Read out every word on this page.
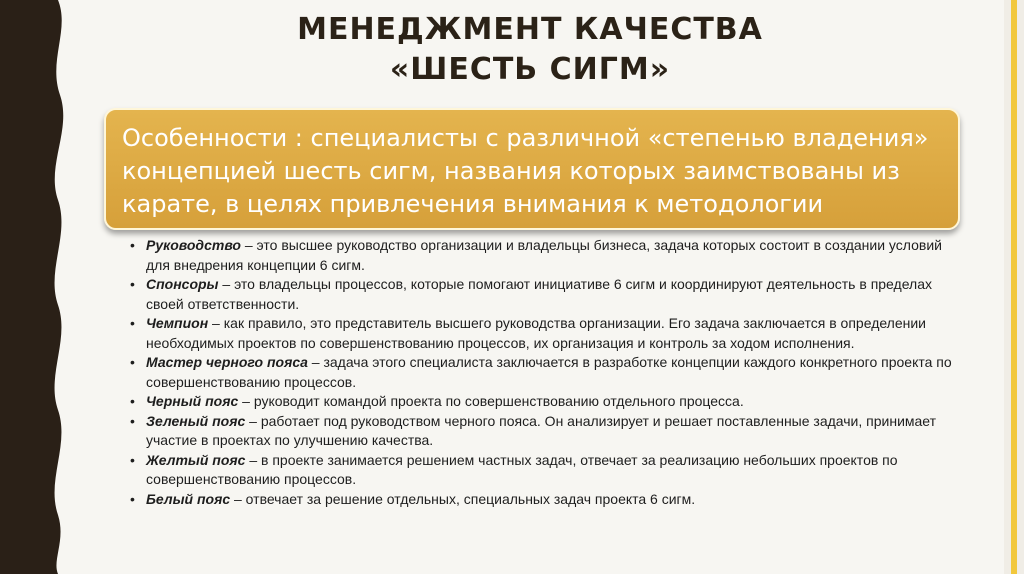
МЕНЕДЖМЕНТ КАЧЕСТВА
«ШЕСТЬ СИГМ»

Особенности : специалисты с различной «степенью владения» концепцией шесть сигм, названия которых заимствованы из карате, в целях привлечения внимания к методологии

• Руководство – это высшее руководство организации и владельцы бизнеса, задача которых состоит в создании условий для внедрения концепции 6 сигм.
• Спонсоры – это владельцы процессов, которые помогают инициативе 6 сигм и координируют деятельность в пределах своей ответственности.
• Чемпион – как правило, это представитель высшего руководства организации. Его задача заключается в определении необходимых проектов по совершенствованию процессов, их организация и контроль за ходом исполнения.
• Мастер черного пояса – задача этого специалиста заключается в разработке концепции каждого конкретного проекта по совершенствованию процессов.
• Черный пояс – руководит командой проекта по совершенствованию отдельного процесса.
• Зеленый пояс – работает под руководством черного пояса. Он анализирует и решает поставленные задачи, принимает участие в проектах по улучшению качества.
• Желтый пояс – в проекте занимается решением частных задач, отвечает за реализацию небольших проектов по совершенствованию процессов.
• Белый пояс – отвечает за решение отдельных, специальных задач проекта 6 сигм.
